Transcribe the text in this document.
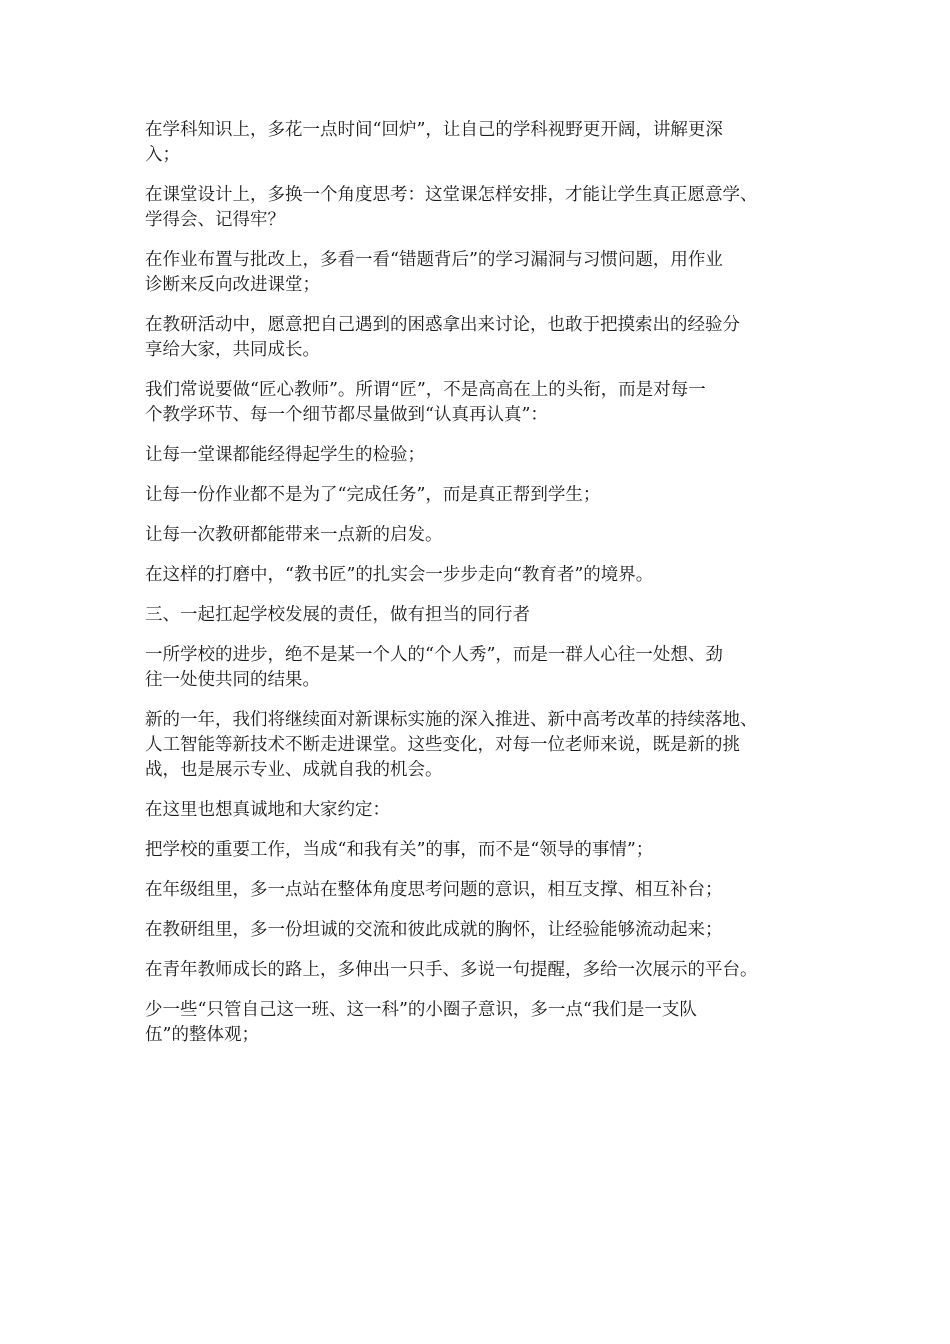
在学科知识上，多花一点时间“回炉”，让自己的学科视野更开阔，讲解更深
入；

在课堂设计上，多换一个角度思考：这堂课怎样安排，才能让学生真正愿意学、
学得会、记得牢？

在作业布置与批改上，多看一看“错题背后”的学习漏洞与习惯问题，用作业
诊断来反向改进课堂；

在教研活动中，愿意把自己遇到的困惑拿出来讨论，也敢于把摸索出的经验分
享给大家，共同成长。

我们常说要做“匠心教师”。所谓“匠”，不是高高在上的头衔，而是对每一
个教学环节、每一个细节都尽量做到“认真再认真”：

让每一堂课都能经得起学生的检验；

让每一份作业都不是为了“完成任务”，而是真正帮到学生；

让每一次教研都能带来一点新的启发。

在这样的打磨中，“教书匠”的扎实会一步步走向“教育者”的境界。

三、一起扛起学校发展的责任，做有担当的同行者

一所学校的进步，绝不是某一个人的“个人秀”，而是一群人心往一处想、劲
往一处使共同的结果。

新的一年，我们将继续面对新课标实施的深入推进、新中高考改革的持续落地、
人工智能等新技术不断走进课堂。这些变化，对每一位老师来说，既是新的挑
战，也是展示专业、成就自我的机会。

在这里也想真诚地和大家约定：

把学校的重要工作，当成“和我有关”的事，而不是“领导的事情”；

在年级组里，多一点站在整体角度思考问题的意识，相互支撑、相互补台；

在教研组里，多一份坦诚的交流和彼此成就的胸怀，让经验能够流动起来；

在青年教师成长的路上，多伸出一只手、多说一句提醒，多给一次展示的平台。

少一些“只管自己这一班、这一科”的小圈子意识，多一点“我们是一支队
伍”的整体观；
